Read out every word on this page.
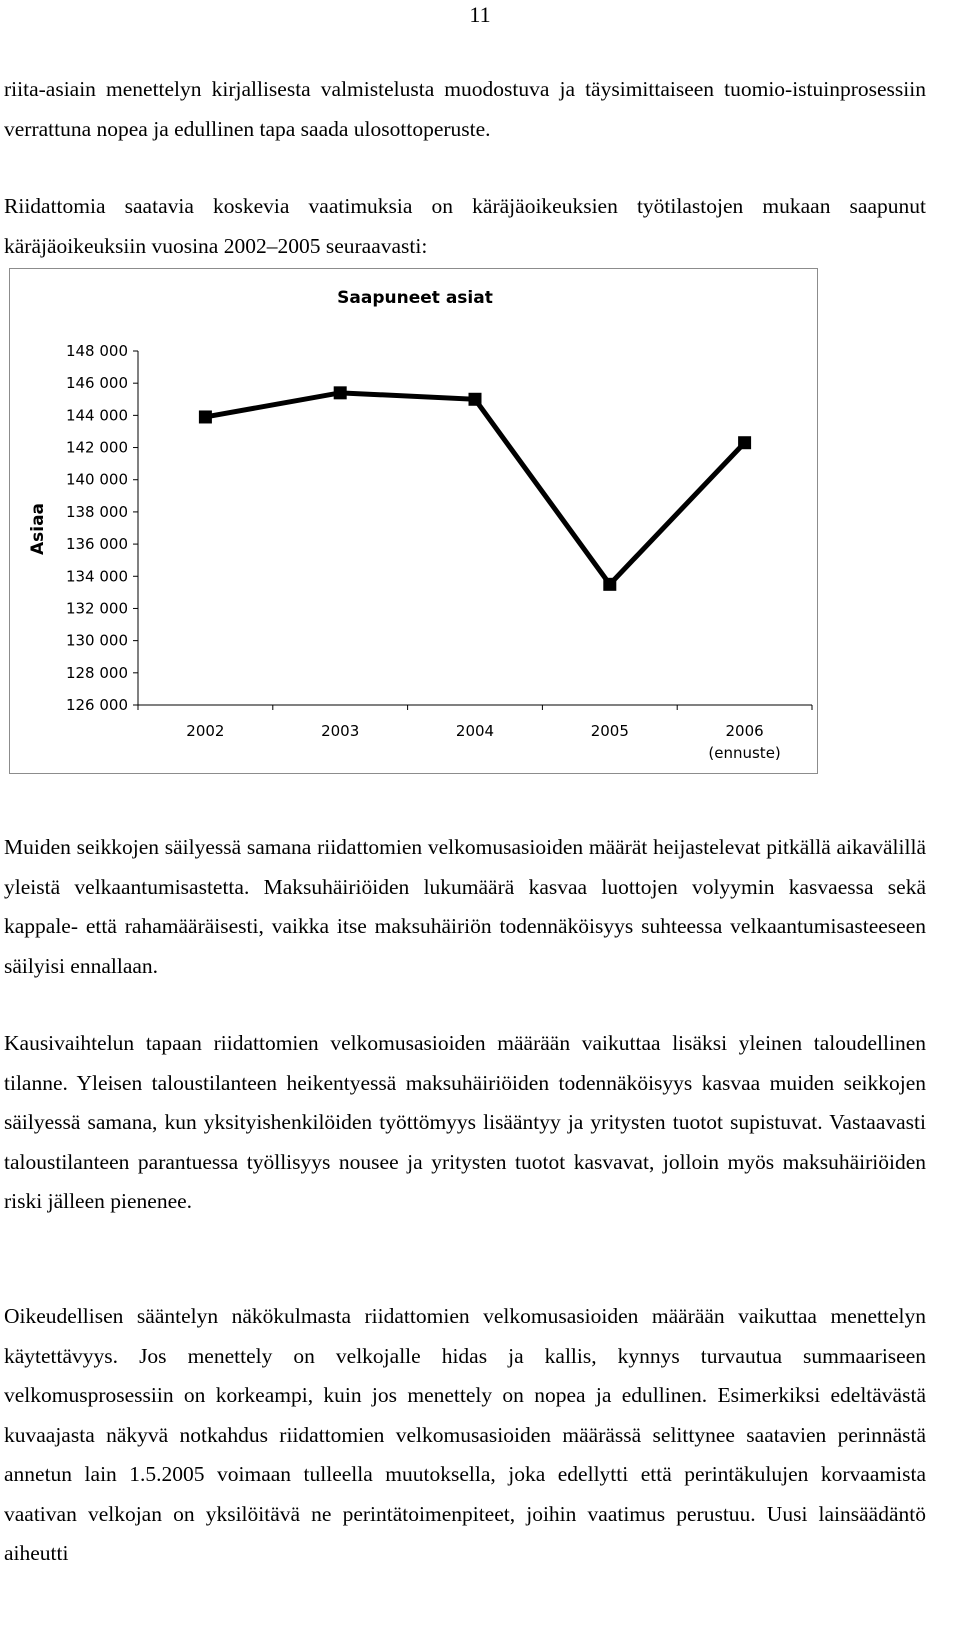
11

riita-asiain menettelyn kirjallisesta valmistelusta muodostuva ja täysimittaiseen tuomio-istuinprosessiin verrattuna nopea ja edullinen tapa saada ulosottoperuste.

Riidattomia saatavia koskevia vaatimuksia on käräjäoikeuksien työtilastojen mukaan saapunut käräjäoikeuksiin vuosina 2002–2005 seuraavasti:

Saapuneet asiat
Asiaa
148 000
146 000
144 000
142 000
140 000
138 000
136 000
134 000
132 000
130 000
128 000
126 000
2002	2003	2004	2005	2006
(ennuste)

Muiden seikkojen säilyessä samana riidattomien velkomusasioiden määrät heijastelevat pitkällä aikavälillä yleistä velkaantumisastetta. Maksuhäiriöiden lukumäärä kasvaa luottojen volyymin kasvaessa sekä kappale- että rahamääräisesti, vaikka itse maksuhäiriön todennäköisyys suhteessa velkaantumisasteeseen säilyisi ennallaan.

Kausivaihtelun tapaan riidattomien velkomusasioiden määrään vaikuttaa lisäksi yleinen taloudellinen tilanne. Yleisen taloustilanteen heikentyessä maksuhäiriöiden todennäköisyys kasvaa muiden seikkojen säilyessä samana, kun yksityishenkilöiden työttömyys lisääntyy ja yritysten tuotot supistuvat. Vastaavasti taloustilanteen parantuessa työllisyys nousee ja yritysten tuotot kasvavat, jolloin myös maksuhäiriöiden riski jälleen pienenee.

Oikeudellisen sääntelyn näkökulmasta riidattomien velkomusasioiden määrään vaikuttaa menettelyn käytettävyys. Jos menettely on velkojalle hidas ja kallis, kynnys turvautua summaariseen velkomusprosessiin on korkeampi, kuin jos menettely on nopea ja edullinen. Esimerkiksi edeltävästä kuvaajasta näkyvä notkahdus riidattomien velkomusasioiden määrässä selittynee saatavien perinnästä annetun lain 1.5.2005 voimaan tulleella muutoksella, joka edellytti että perintäkulujen korvaamista vaativan velkojan on yksilöitävä ne perintätoimenpiteet, joihin vaatimus perustuu. Uusi lainsäädäntö aiheutti
